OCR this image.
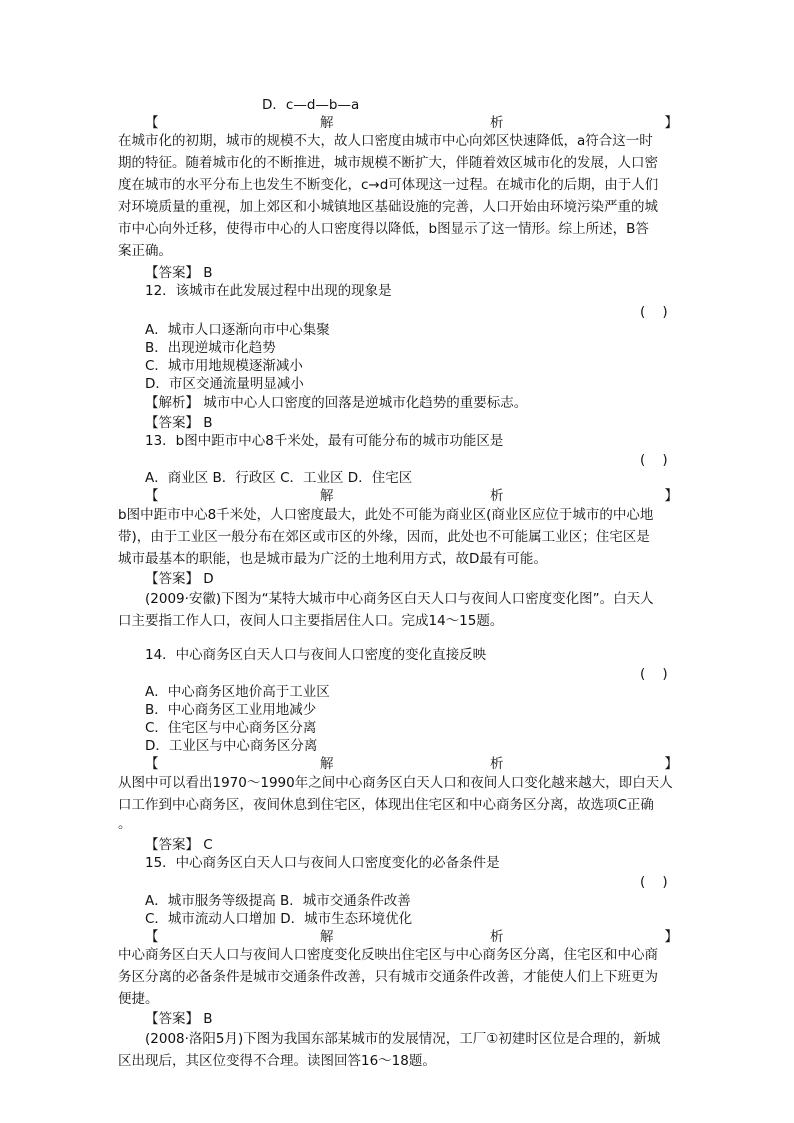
D．c—d—b—a
【	解	析	】
在城市化的初期，城市的规模不大，故人口密度由城市中心向郊区快速降低，a符合这一时
期的特征。随着城市化的不断推进，城市规模不断扩大，伴随着效区城市化的发展，人口密
度在城市的水平分布上也发生不断变化，c→d可体现这一过程。在城市化的后期，由于人们
对环境质量的重视，加上郊区和小城镇地区基础设施的完善，人口开始由环境污染严重的城
市中心向外迁移，使得市中心的人口密度得以降低，b图显示了这一情形。综上所述，B答
案正确。
【答案】 B
12．该城市在此发展过程中出现的现象是
(    )
A．城市人口逐渐向市中心集聚
B．出现逆城市化趋势
C．城市用地规模逐渐减小
D．市区交通流量明显减小
【解析】 城市中心人口密度的回落是逆城市化趋势的重要标志。
【答案】 B
13．b图中距市中心8千米处，最有可能分布的城市功能区是
(    )
A．商业区 B．行政区 C．工业区 D．住宅区
【	解	析	】
b图中距市中心8千米处，人口密度最大，此处不可能为商业区(商业区应位于城市的中心地
带)，由于工业区一般分布在郊区或市区的外缘，因而，此处也不可能属工业区；住宅区是
城市最基本的职能，也是城市最为广泛的土地利用方式，故D最有可能。
【答案】 D
(2009·安徽)下图为“某特大城市中心商务区白天人口与夜间人口密度变化图”。白天人
口主要指工作人口，夜间人口主要指居住人口。完成14～15题。
14．中心商务区白天人口与夜间人口密度的变化直接反映
(    )
A．中心商务区地价高于工业区
B．中心商务区工业用地减少
C．住宅区与中心商务区分离
D．工业区与中心商务区分离
【	解	析	】
从图中可以看出1970～1990年之间中心商务区白天人口和夜间人口变化越来越大，即白天人
口工作到中心商务区，夜间休息到住宅区，体现出住宅区和中心商务区分离，故选项C正确
。
【答案】 C
15．中心商务区白天人口与夜间人口密度变化的必备条件是
(    )
A．城市服务等级提高 B．城市交通条件改善
C．城市流动人口增加 D．城市生态环境优化
【	解	析	】
中心商务区白天人口与夜间人口密度变化反映出住宅区与中心商务区分离，住宅区和中心商
务区分离的必备条件是城市交通条件改善，只有城市交通条件改善，才能使人们上下班更为
便捷。
【答案】 B
(2008·洛阳5月)下图为我国东部某城市的发展情况，工厂①初建时区位是合理的，新城
区出现后，其区位变得不合理。读图回答16～18题。
